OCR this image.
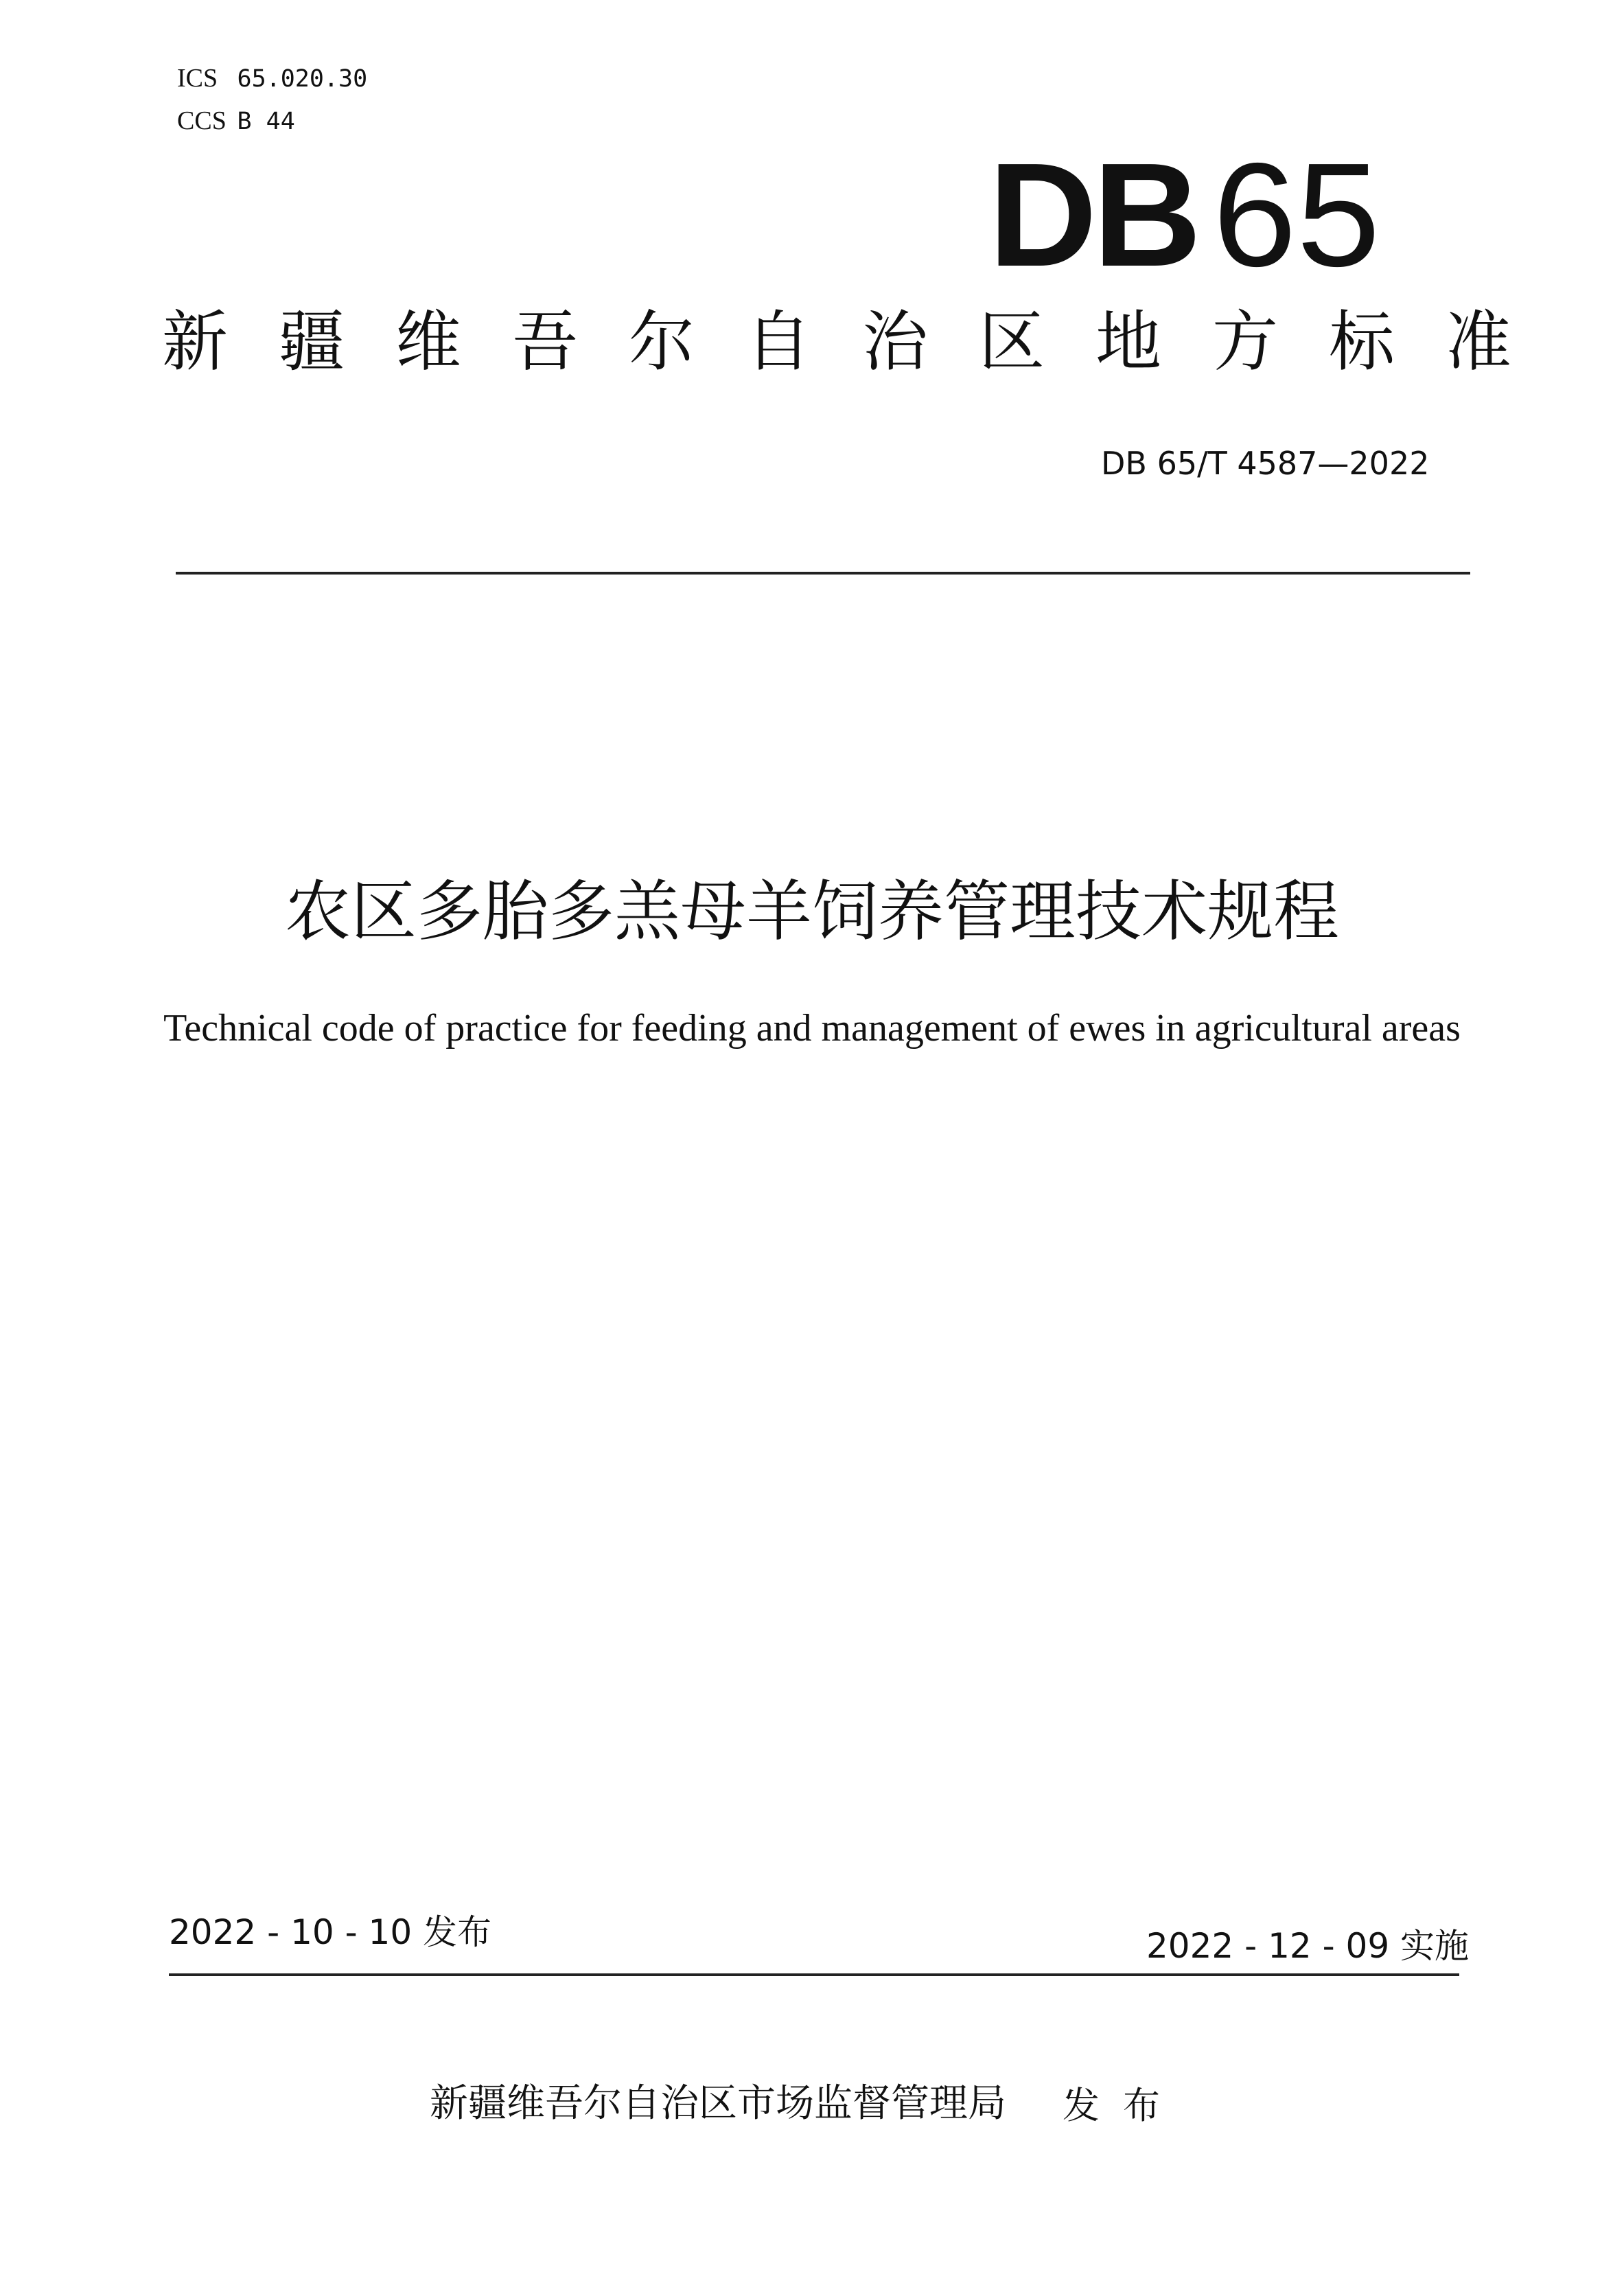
ICS 65.020.30
CCS B 44
DB 65
新疆维吾尔自治区地方标准
DB 65/T 4587—2022
农区多胎多羔母羊饲养管理技术规程
Technical code of practice for feeding and management of ewes in agricultural areas
2022 - 10 - 10 发布	2022 - 12 - 09 实施
新疆维吾尔自治区市场监督管理局 发布
